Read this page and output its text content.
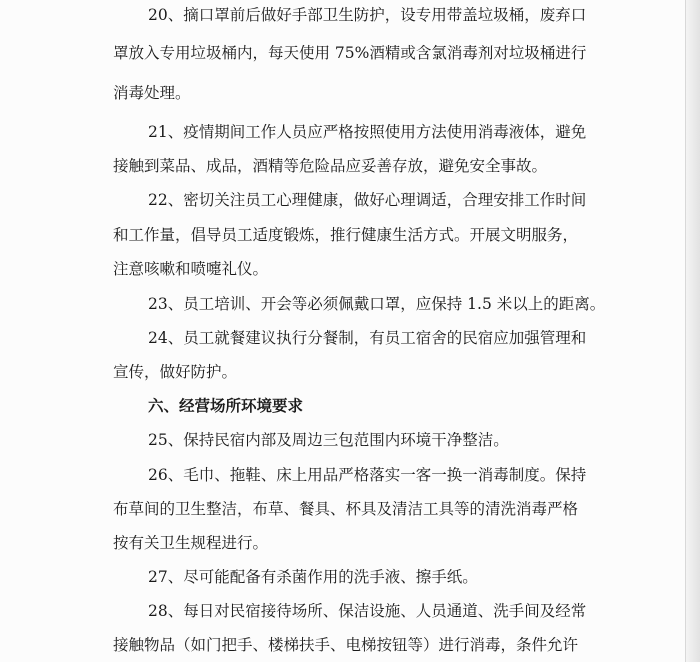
20、摘口罩前后做好手部卫生防护，设专用带盖垃圾桶，废弃口

罩放入专用垃圾桶内，每天使用 75%酒精或含氯消毒剂对垃圾桶进行

消毒处理。

21、疫情期间工作人员应严格按照使用方法使用消毒液体，避免

接触到菜品、成品，酒精等危险品应妥善存放，避免安全事故。

22、密切关注员工心理健康，做好心理调适，合理安排工作时间

和工作量，倡导员工适度锻炼，推行健康生活方式。开展文明服务，

注意咳嗽和喷嚏礼仪。

23、员工培训、开会等必须佩戴口罩，应保持 1.5 米以上的距离。

24、员工就餐建议执行分餐制，有员工宿舍的民宿应加强管理和

宣传，做好防护。

六、经营场所环境要求

25、保持民宿内部及周边三包范围内环境干净整洁。

26、毛巾、拖鞋、床上用品严格落实一客一换一消毒制度。保持

布草间的卫生整洁，布草、餐具、杯具及清洁工具等的清洗消毒严格

按有关卫生规程进行。

27、尽可能配备有杀菌作用的洗手液、擦手纸。

28、每日对民宿接待场所、保洁设施、人员通道、洗手间及经常

接触物品（如门把手、楼梯扶手、电梯按钮等）进行消毒，条件允许
